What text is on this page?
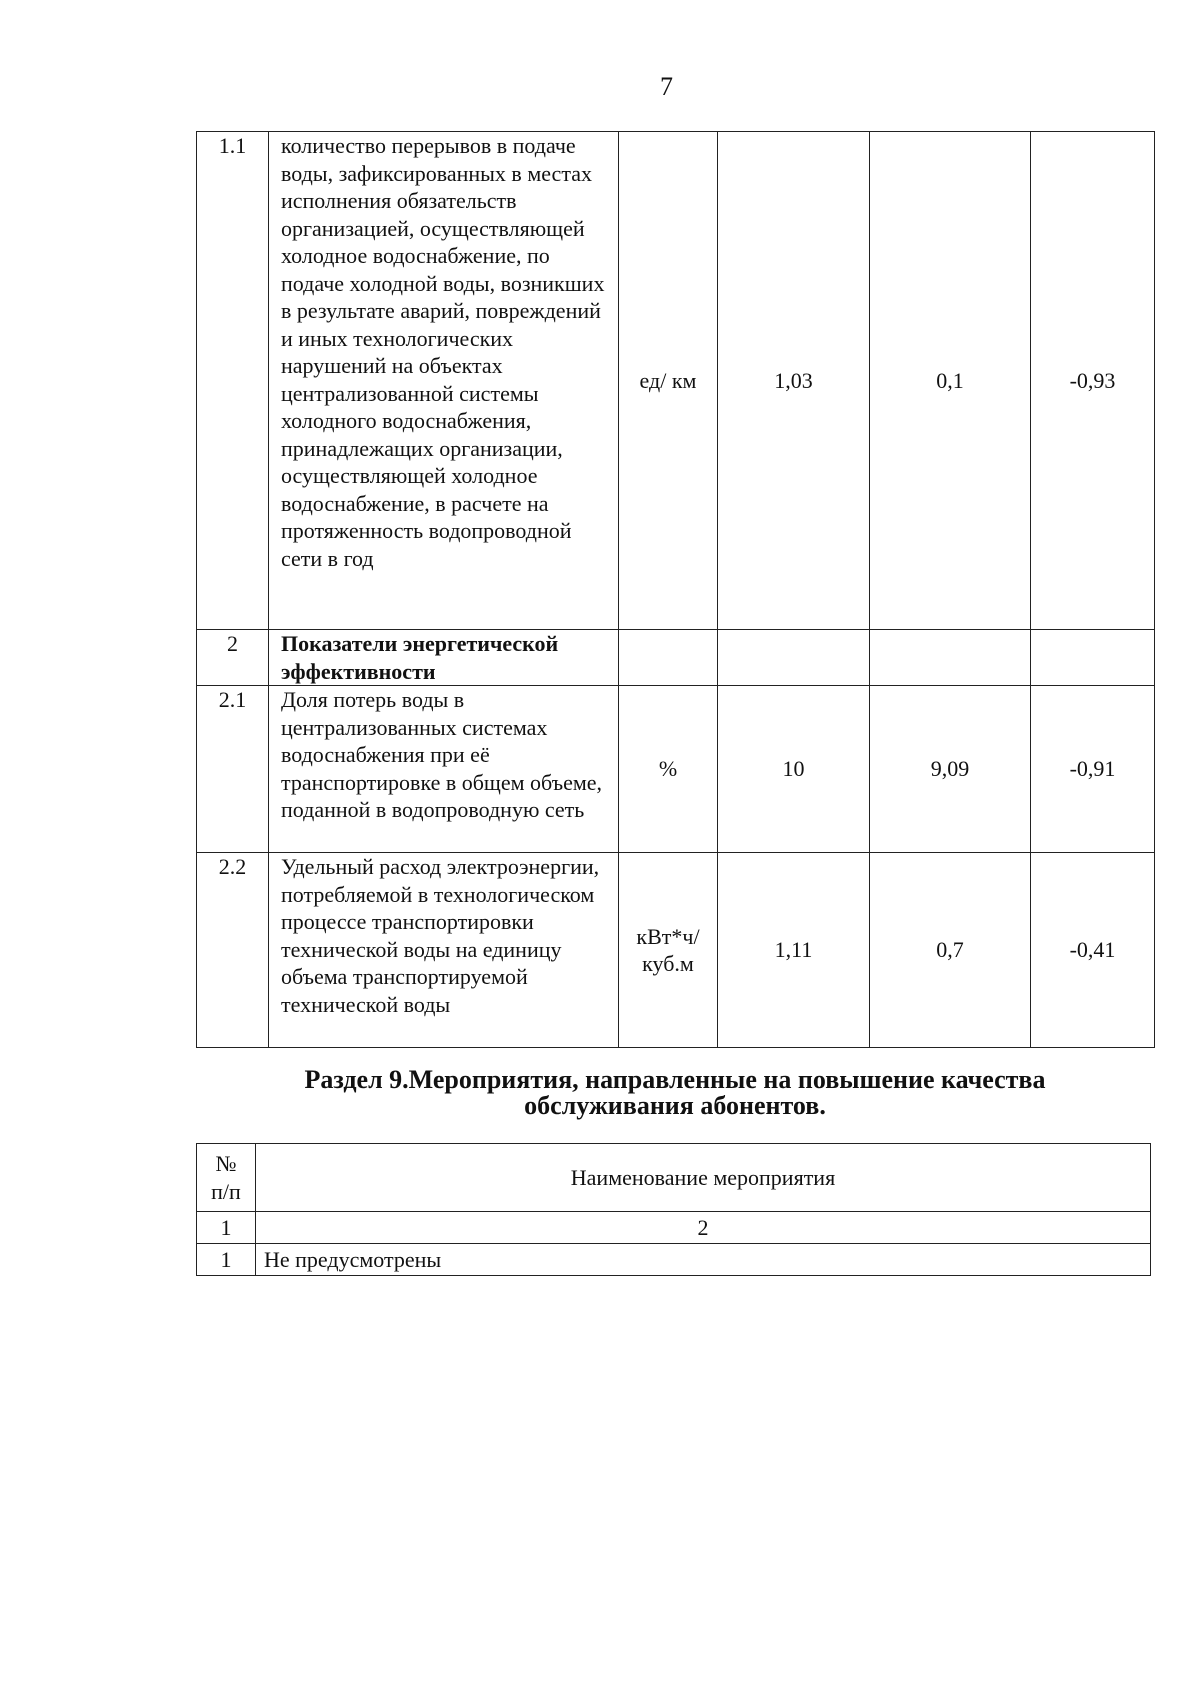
7
1.1	количество перерывов в подаче воды, зафиксированных в местах исполнения обязательств организацией, осуществляющей холодное водоснабжение, по подаче холодной воды, возникших в результате аварий, повреждений и иных технологических нарушений на объектах централизованной системы холодного водоснабжения, принадлежащих организации, осуществляющей холодное водоснабжение, в расчете на протяженность водопроводной сети в год	ед/ км	1,03	0,1	-0,93
2	Показатели энергетической эффективности				
2.1	Доля потерь воды в централизованных системах водоснабжения при её транспортировке в общем объеме, поданной в водопроводную сеть	%	10	9,09	-0,91
2.2	Удельный расход электроэнергии, потребляемой в технологическом процессе транспортировки технической воды на единицу объема транспортируемой технической воды	кВт*ч/ куб.м	1,11	0,7	-0,41
Раздел 9.Мероприятия, направленные на повышение качества
обслуживания абонентов.
№ п/п	Наименование мероприятия
1	2
1	Не предусмотрены
